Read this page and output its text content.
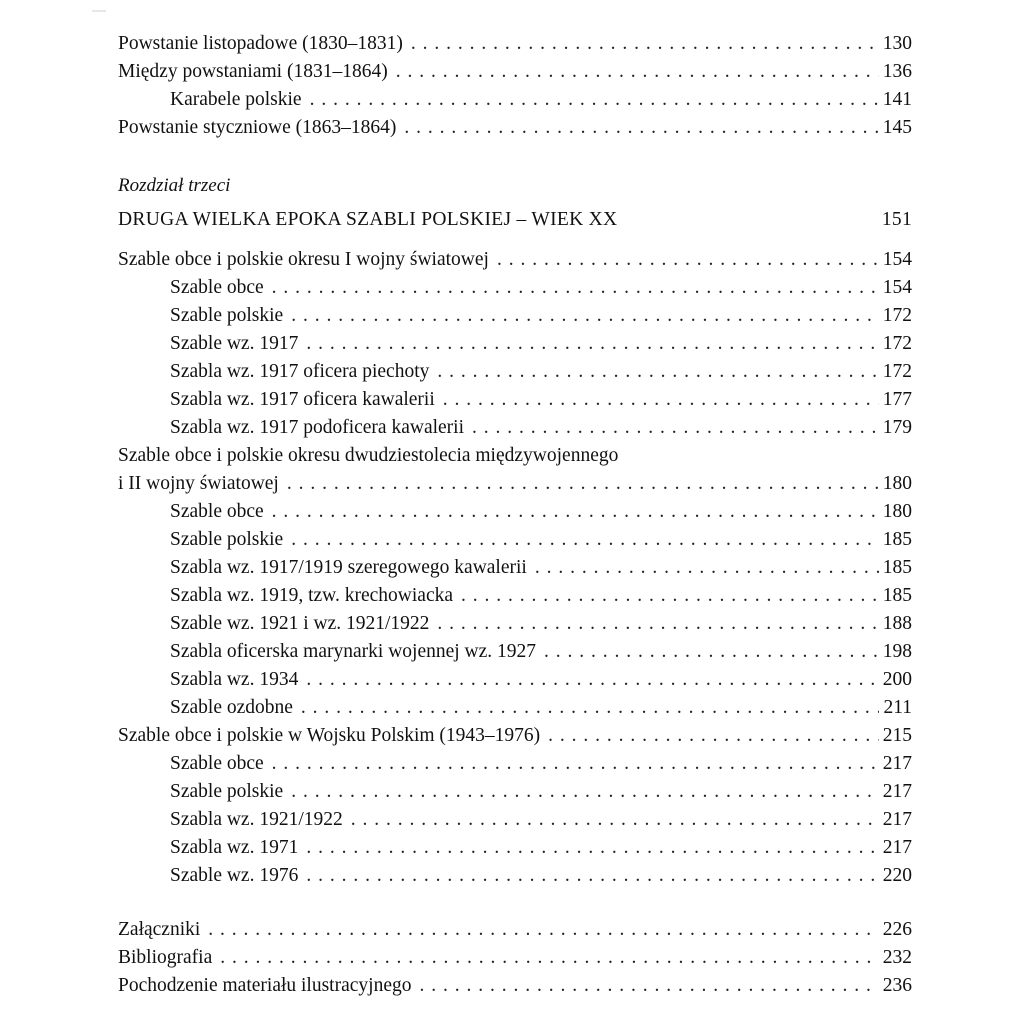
Powstanie listopadowe (1830–1831) . . .	130
Między powstaniami (1831–1864) . . .	136
Karabele polskie . . .	141
Powstanie styczniowe (1863–1864) . . .	145
Rozdział trzeci
DRUGA WIELKA EPOKA SZABLI POLSKIEJ – WIEK XX	151
Szable obce i polskie okresu I wojny światowej . . .	154
Szable obce . . .	154
Szable polskie . . .	172
Szable wz. 1917 . . .	172
Szabla wz. 1917 oficera piechoty . . .	172
Szabla wz. 1917 oficera kawalerii . . .	177
Szabla wz. 1917 podoficera kawalerii . . .	179
Szable obce i polskie okresu dwudziestolecia międzywojennego
i II wojny światowej . . .	180
Szable obce . . .	180
Szable polskie . . .	185
Szabla wz. 1917/1919 szeregowego kawalerii . . .	185
Szabla wz. 1919, tzw. krechowiacka . . .	185
Szable wz. 1921 i wz. 1921/1922 . . .	188
Szabla oficerska marynarki wojennej wz. 1927 . . .	198
Szabla wz. 1934 . . .	200
Szable ozdobne . . .	211
Szable obce i polskie w Wojsku Polskim (1943–1976) . . .	215
Szable obce . . .	217
Szable polskie . . .	217
Szabla wz. 1921/1922 . . .	217
Szabla wz. 1971 . . .	217
Szable wz. 1976 . . .	220
Załączniki . . .	226
Bibliografia . . .	232
Pochodzenie materiału ilustracyjnego . . .	236
